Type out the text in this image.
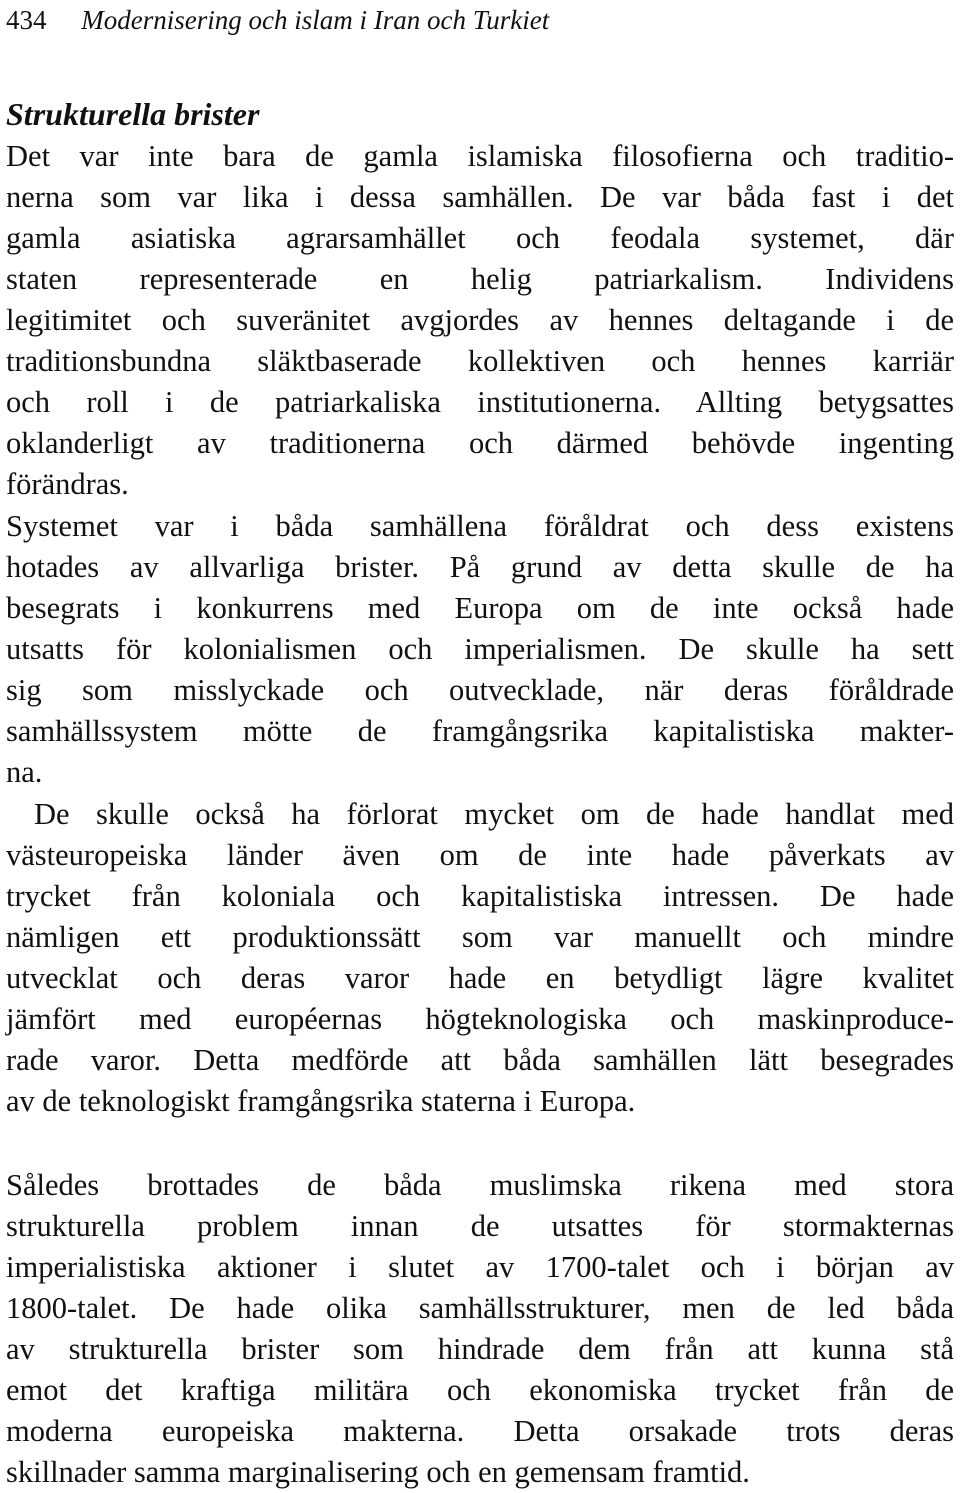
434 Modernisering och islam i Iran och Turkiet
Strukturella brister
Det var inte bara de gamla islamiska filosofierna och traditio-
nerna som var lika i dessa samhällen. De var båda fast i det
gamla asiatiska agrarsamhället och feodala systemet, där
staten representerade en helig patriarkalism. Individens
legitimitet och suveränitet avgjordes av hennes deltagande i de
traditionsbundna släktbaserade kollektiven och hennes karriär
och roll i de patriarkaliska institutionerna. Allting betygsattes
oklanderligt av traditionerna och därmed behövde ingenting
förändras.
Systemet var i båda samhällena föråldrat och dess existens
hotades av allvarliga brister. På grund av detta skulle de ha
besegrats i konkurrens med Europa om de inte också hade
utsatts för kolonialismen och imperialismen. De skulle ha sett
sig som misslyckade och outvecklade, när deras föråldrade
samhällssystem mötte de framgångsrika kapitalistiska makter-
na.
De skulle också ha förlorat mycket om de hade handlat med
västeuropeiska länder även om de inte hade påverkats av
trycket från koloniala och kapitalistiska intressen. De hade
nämligen ett produktionssätt som var manuellt och mindre
utvecklat och deras varor hade en betydligt lägre kvalitet
jämfört med européernas högteknologiska och maskinproduce-
rade varor. Detta medförde att båda samhällen lätt besegrades
av de teknologiskt framgångsrika staterna i Europa.
Således brottades de båda muslimska rikena med stora
strukturella problem innan de utsattes för stormakternas
imperialistiska aktioner i slutet av 1700-talet och i början av
1800-talet. De hade olika samhällsstrukturer, men de led båda
av strukturella brister som hindrade dem från att kunna stå
emot det kraftiga militära och ekonomiska trycket från de
moderna europeiska makterna. Detta orsakade trots deras
skillnader samma marginalisering och en gemensam framtid.
